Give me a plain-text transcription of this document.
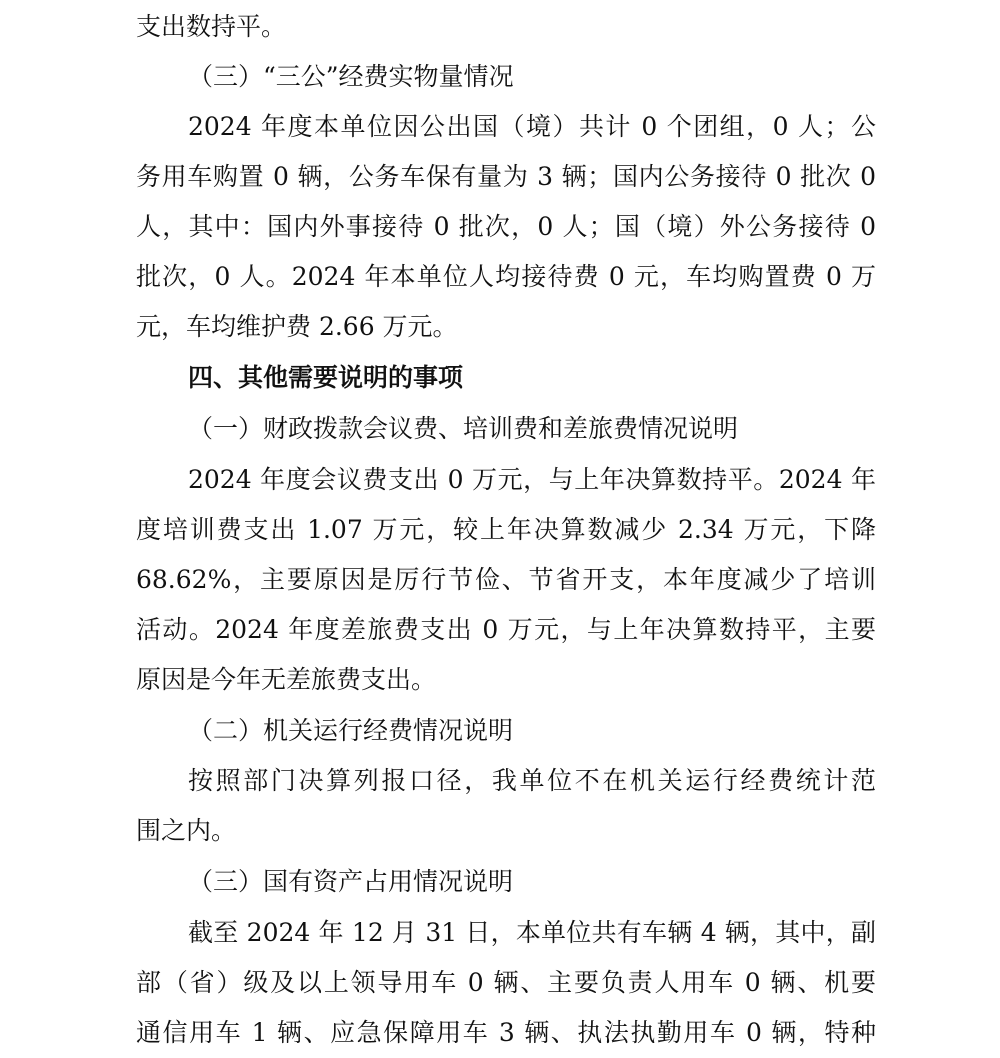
支出数持平。
（三）“三公”经费实物量情况
2024 年度本单位因公出国（境）共计 0 个团组，0 人；公
务用车购置 0 辆，公务车保有量为 3 辆；国内公务接待 0 批次 0
人，其中：国内外事接待 0 批次，0 人；国（境）外公务接待 0
批次，0 人。2024 年本单位人均接待费 0 元，车均购置费 0 万
元，车均维护费 2.66 万元。
四、其他需要说明的事项
（一）财政拨款会议费、培训费和差旅费情况说明
2024 年度会议费支出 0 万元，与上年决算数持平。2024 年
度培训费支出 1.07 万元，较上年决算数减少 2.34 万元，下降
68.62%，主要原因是厉行节俭、节省开支，本年度减少了培训
活动。2024 年度差旅费支出 0 万元，与上年决算数持平，主要
原因是今年无差旅费支出。
（二）机关运行经费情况说明
按照部门决算列报口径，我单位不在机关运行经费统计范
围之内。
（三）国有资产占用情况说明
截至 2024 年 12 月 31 日，本单位共有车辆 4 辆，其中，副
部（省）级及以上领导用车 0 辆、主要负责人用车 0 辆、机要
通信用车 1 辆、应急保障用车 3 辆、执法执勤用车 0 辆，特种
